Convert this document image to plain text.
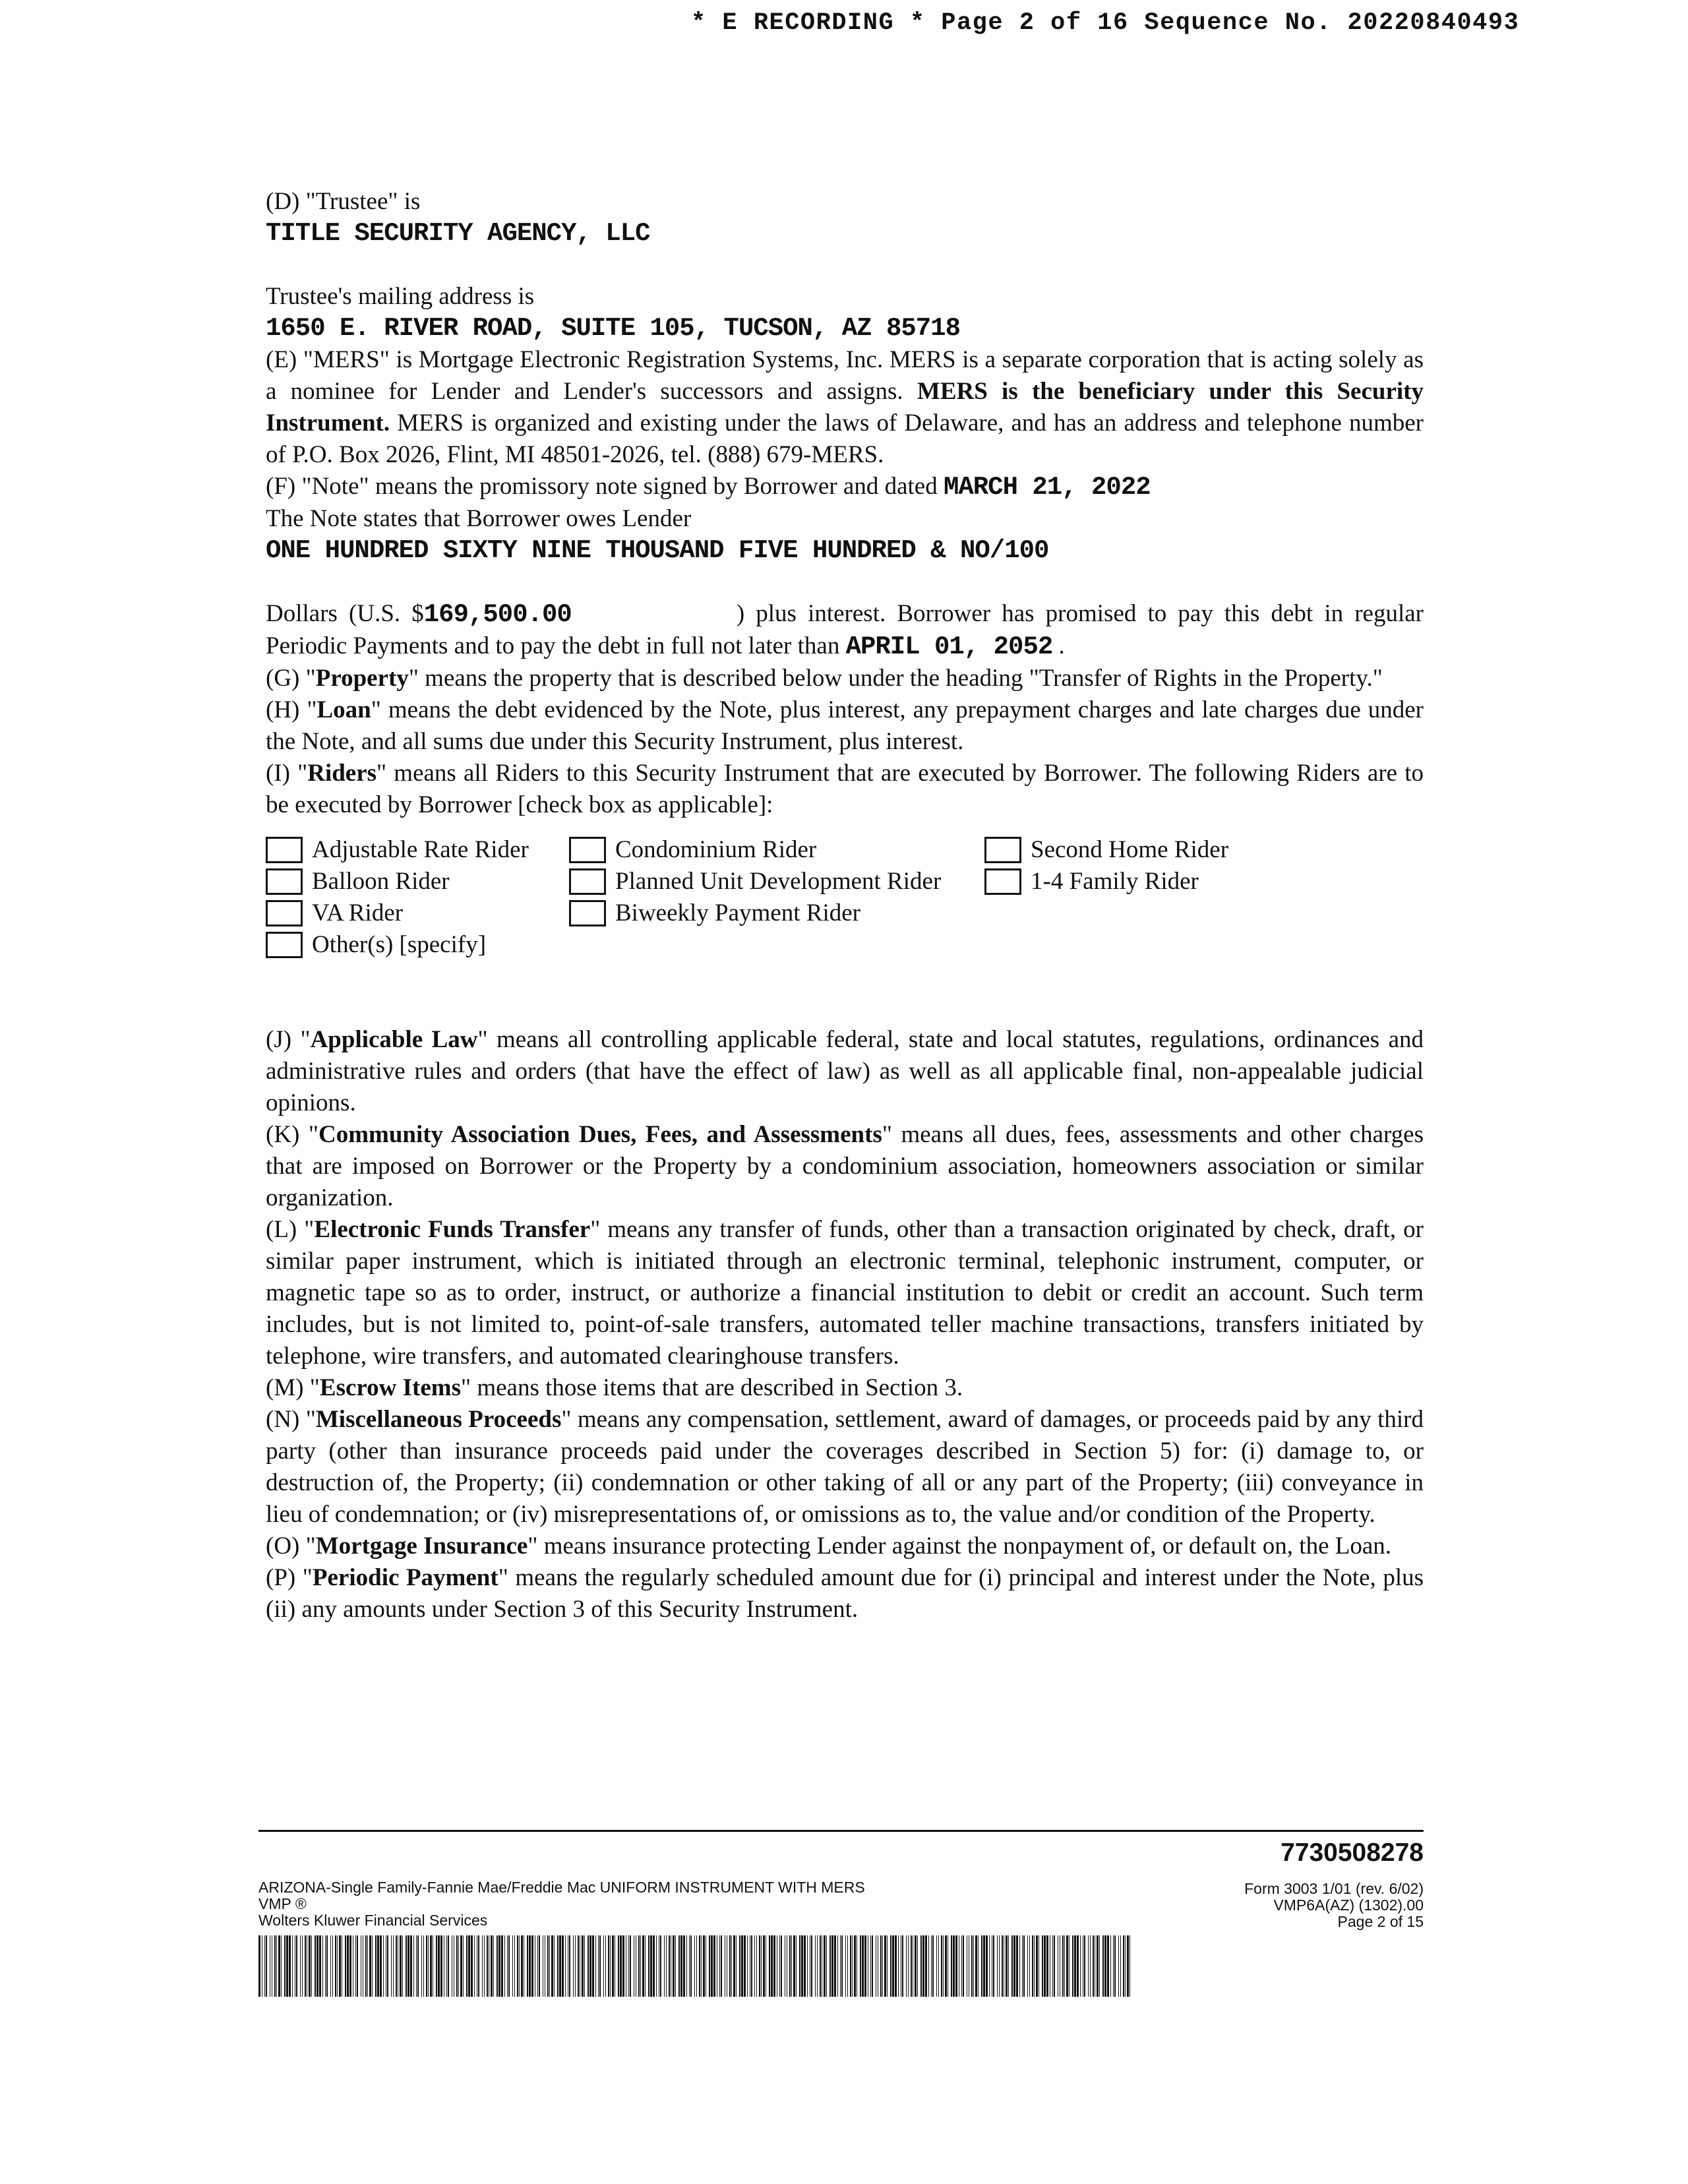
* E RECORDING * Page 2 of 16 Sequence No. 20220840493

(D) "Trustee" is

TITLE SECURITY AGENCY, LLC

Trustee's mailing address is

1650 E. RIVER ROAD, SUITE 105, TUCSON, AZ 85718

(E) "MERS" is Mortgage Electronic Registration Systems, Inc. MERS is a separate corporation that is acting solely as a nominee for Lender and Lender's successors and assigns. MERS is the beneficiary under this Security Instrument. MERS is organized and existing under the laws of Delaware, and has an address and telephone number of P.O. Box 2026, Flint, MI 48501-2026, tel. (888) 679-MERS.

(F) "Note" means the promissory note signed by Borrower and dated MARCH 21, 2022

The Note states that Borrower owes Lender

ONE HUNDRED SIXTY NINE THOUSAND FIVE HUNDRED & NO/100

Dollars (U.S. $169,500.00	) plus interest. Borrower has promised to pay this debt in regular Periodic Payments and to pay the debt in full not later than APRIL 01, 2052 .

(G) "Property" means the property that is described below under the heading "Transfer of Rights in the Property."

(H) "Loan" means the debt evidenced by the Note, plus interest, any prepayment charges and late charges due under the Note, and all sums due under this Security Instrument, plus interest.

(I) "Riders" means all Riders to this Security Instrument that are executed by Borrower. The following Riders are to be executed by Borrower [check box as applicable]:

Adjustable Rate Rider	Condominium Rider	Second Home Rider
Balloon Rider	Planned Unit Development Rider	1-4 Family Rider
VA Rider	Biweekly Payment Rider
Other(s) [specify]

(J) "Applicable Law" means all controlling applicable federal, state and local statutes, regulations, ordinances and administrative rules and orders (that have the effect of law) as well as all applicable final, non-appealable judicial opinions.

(K) "Community Association Dues, Fees, and Assessments" means all dues, fees, assessments and other charges that are imposed on Borrower or the Property by a condominium association, homeowners association or similar organization.

(L) "Electronic Funds Transfer" means any transfer of funds, other than a transaction originated by check, draft, or similar paper instrument, which is initiated through an electronic terminal, telephonic instrument, computer, or magnetic tape so as to order, instruct, or authorize a financial institution to debit or credit an account. Such term includes, but is not limited to, point-of-sale transfers, automated teller machine transactions, transfers initiated by telephone, wire transfers, and automated clearinghouse transfers.

(M) "Escrow Items" means those items that are described in Section 3.

(N) "Miscellaneous Proceeds" means any compensation, settlement, award of damages, or proceeds paid by any third party (other than insurance proceeds paid under the coverages described in Section 5) for: (i) damage to, or destruction of, the Property; (ii) condemnation or other taking of all or any part of the Property; (iii) conveyance in lieu of condemnation; or (iv) misrepresentations of, or omissions as to, the value and/or condition of the Property.

(O) "Mortgage Insurance" means insurance protecting Lender against the nonpayment of, or default on, the Loan.

(P) "Periodic Payment" means the regularly scheduled amount due for (i) principal and interest under the Note, plus (ii) any amounts under Section 3 of this Security Instrument.

7730508278
ARIZONA-Single Family-Fannie Mae/Freddie Mac UNIFORM INSTRUMENT WITH MERS
VMP ®
Wolters Kluwer Financial Services
Form 3003 1/01 (rev. 6/02)
VMP6A(AZ) (1302).00
Page 2 of 15
